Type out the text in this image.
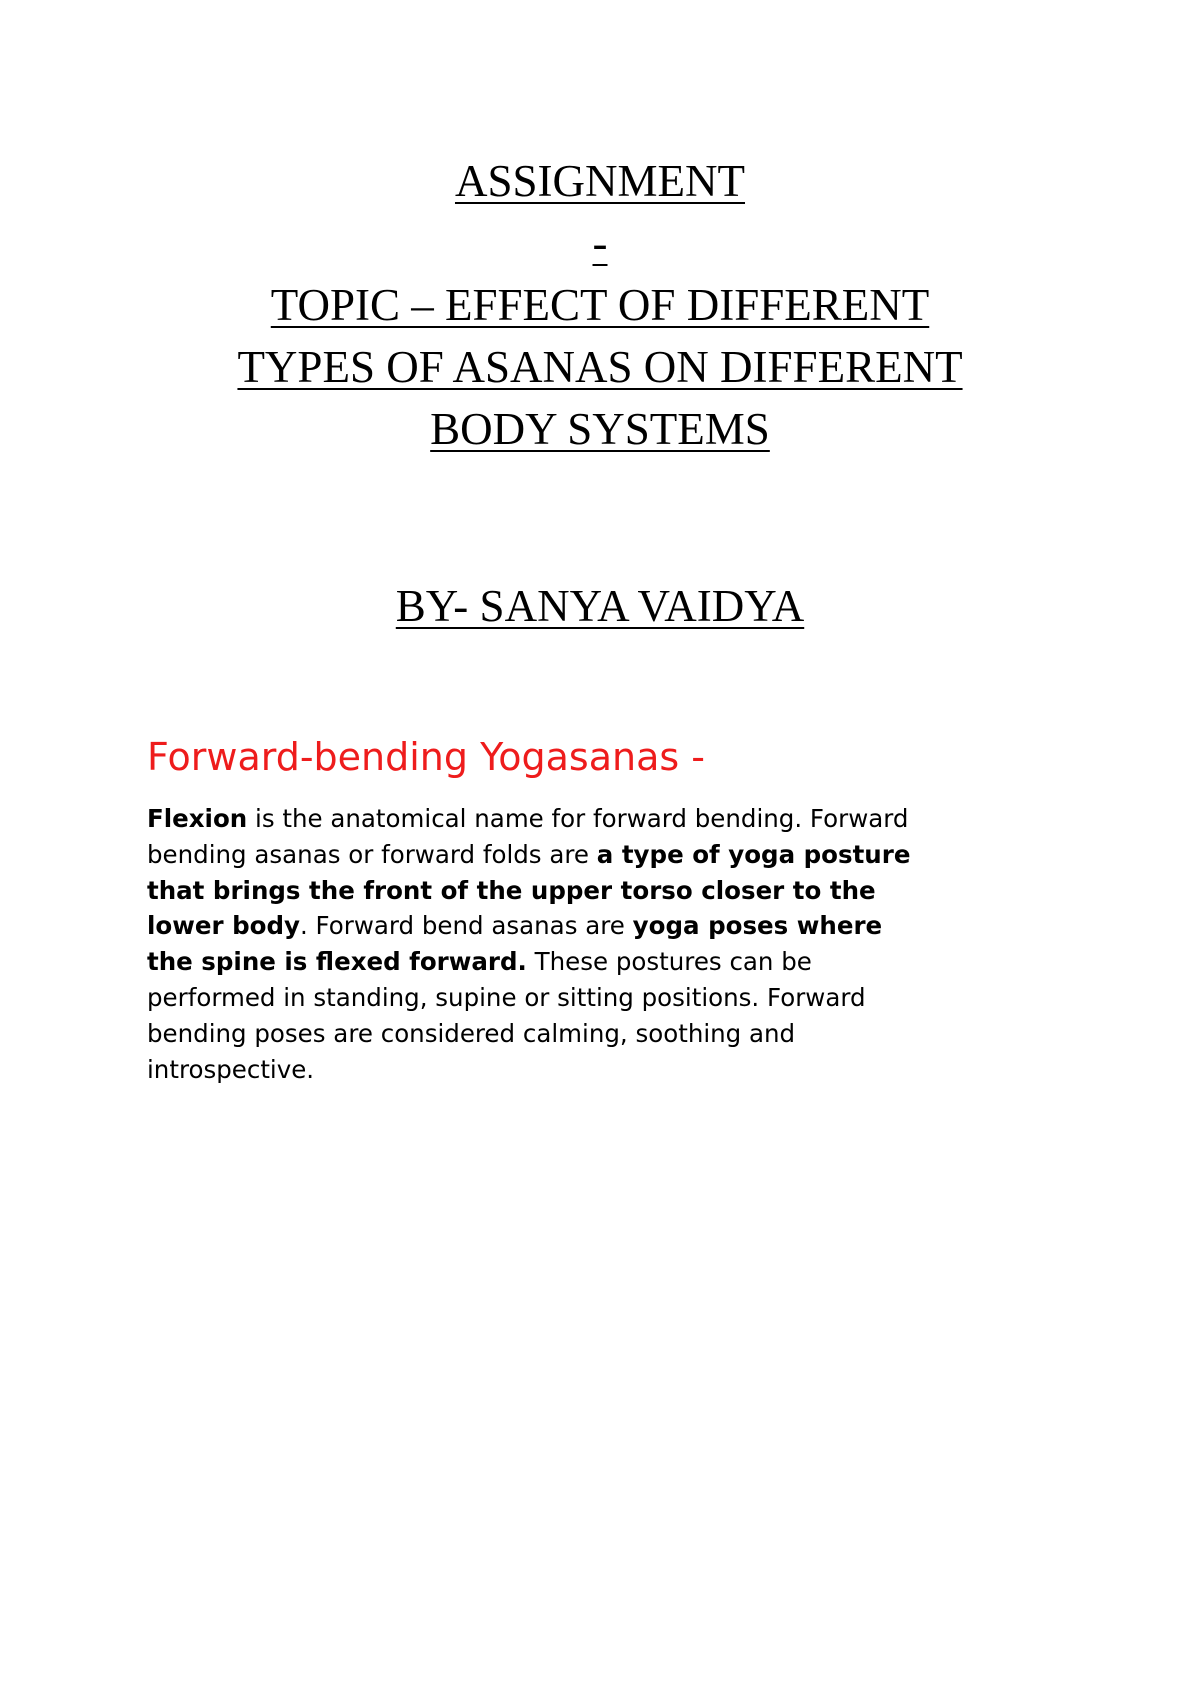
ASSIGNMENT
-
TOPIC – EFFECT OF DIFFERENT
TYPES OF ASANAS ON DIFFERENT
BODY SYSTEMS
BY- SANYA VAIDYA
Forward-bending Yogasanas -
Flexion is the anatomical name for forward bending. Forward
bending asanas or forward folds are a type of yoga posture
that brings the front of the upper torso closer to the
lower body. Forward bend asanas are yoga poses where
the spine is flexed forward. These postures can be
performed in standing, supine or sitting positions. Forward
bending poses are considered calming, soothing and
introspective.
